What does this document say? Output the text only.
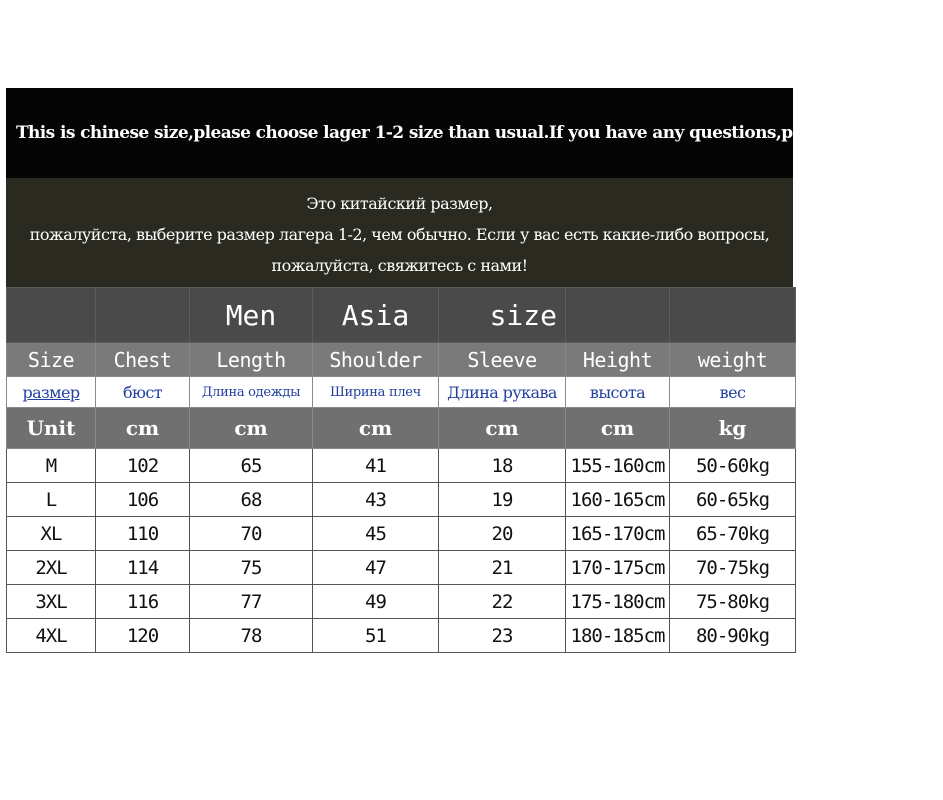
This is chinese size,please choose lager 1-2 size than usual.If you have any questions,please contact us!
Это китайский размер,
пожалуйста, выберите размер лагера 1-2, чем обычно. Если у вас есть какие-либо вопросы,
пожалуйста, свяжитесь с нами!
		Men	Asia	size		
Size	Chest	Length	Shoulder	Sleeve	Height	weight
размер	бюст	Длина одежды	Ширина плеч	Длина рукава	высота	вес
Unit	cm	cm	cm	cm	cm	kg
M	102	65	41	18	155-160cm	50-60kg
L	106	68	43	19	160-165cm	60-65kg
XL	110	70	45	20	165-170cm	65-70kg
2XL	114	75	47	21	170-175cm	70-75kg
3XL	116	77	49	22	175-180cm	75-80kg
4XL	120	78	51	23	180-185cm	80-90kg
